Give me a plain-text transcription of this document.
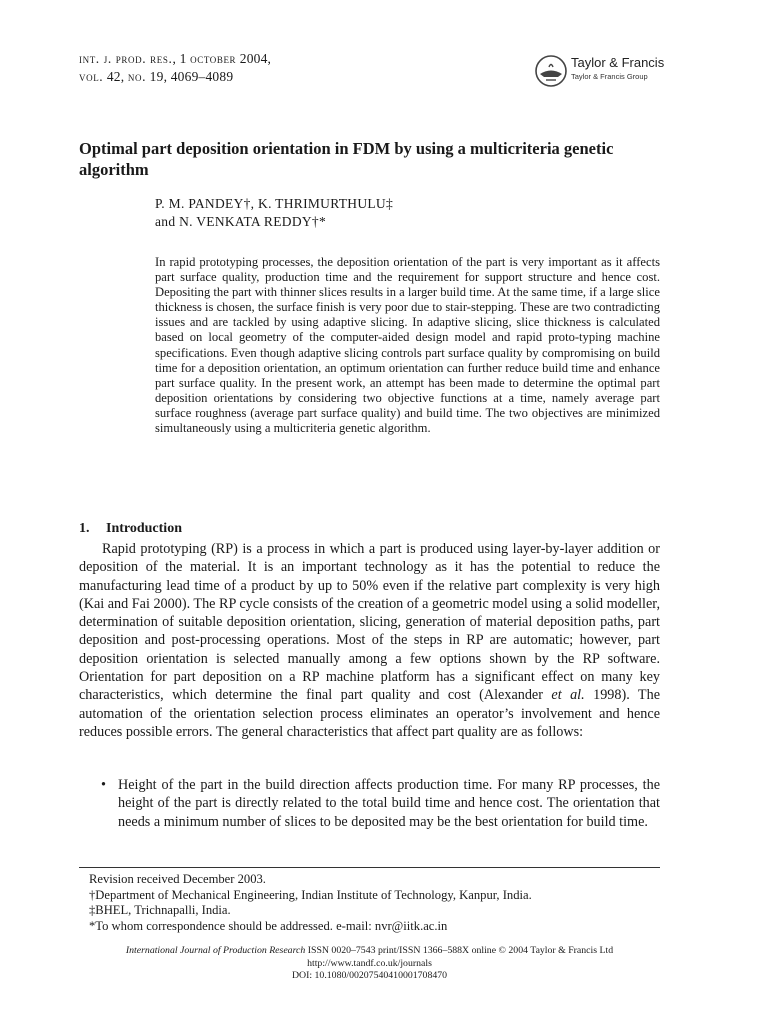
int. j. prod. res., 1 october 2004,
vol. 42, no. 19, 4069–4089
Taylor & Francis
Taylor & Francis Group
Optimal part deposition orientation in FDM by using a multicriteria genetic algorithm
P. M. PANDEY†, K. THRIMURTHULU‡
and N. VENKATA REDDY†*
In rapid prototyping processes, the deposition orientation of the part is very important as it affects part surface quality, production time and the requirement for support structure and hence cost. Depositing the part with thinner slices results in a larger build time. At the same time, if a large slice thickness is chosen, the surface finish is very poor due to stair-stepping. These are two contradicting issues and are tackled by using adaptive slicing. In adaptive slicing, slice thickness is calculated based on local geometry of the computer-aided design model and rapid proto-typing machine specifications. Even though adaptive slicing controls part surface quality by compromising on build time for a deposition orientation, an optimum orientation can further reduce build time and enhance part surface quality. In the present work, an attempt has been made to determine the optimal part deposition orientations by considering two objective functions at a time, namely average part surface roughness (average part surface quality) and build time. The two objectives are minimized simultaneously using a multicriteria genetic algorithm.
1. Introduction
Rapid prototyping (RP) is a process in which a part is produced using layer-by-layer addition or deposition of the material. It is an important technology as it has the potential to reduce the manufacturing lead time of a product by up to 50% even if the relative part complexity is very high (Kai and Fai 2000). The RP cycle consists of the creation of a geometric model using a solid modeller, determination of suitable deposition orientation, slicing, generation of material deposition paths, part deposition and post-processing operations. Most of the steps in RP are automatic; however, part deposition orientation is selected manually among a few options shown by the RP software. Orientation for part deposition on a RP machine platform has a significant effect on many key characteristics, which determine the final part quality and cost (Alexander et al. 1998). The automation of the orientation selection process eliminates an operator’s involvement and hence reduces possible errors. The general characteristics that affect part quality are as follows:
• Height of the part in the build direction affects production time. For many RP processes, the height of the part is directly related to the total build time and hence cost. The orientation that needs a minimum number of slices to be deposited may be the best orientation for build time.
Revision received December 2003.
†Department of Mechanical Engineering, Indian Institute of Technology, Kanpur, India.
‡BHEL, Trichnapalli, India.
*To whom correspondence should be addressed. e-mail: nvr@iitk.ac.in
International Journal of Production Research ISSN 0020–7543 print/ISSN 1366–588X online © 2004 Taylor & Francis Ltd
http://www.tandf.co.uk/journals
DOI: 10.1080/00207540410001708470
